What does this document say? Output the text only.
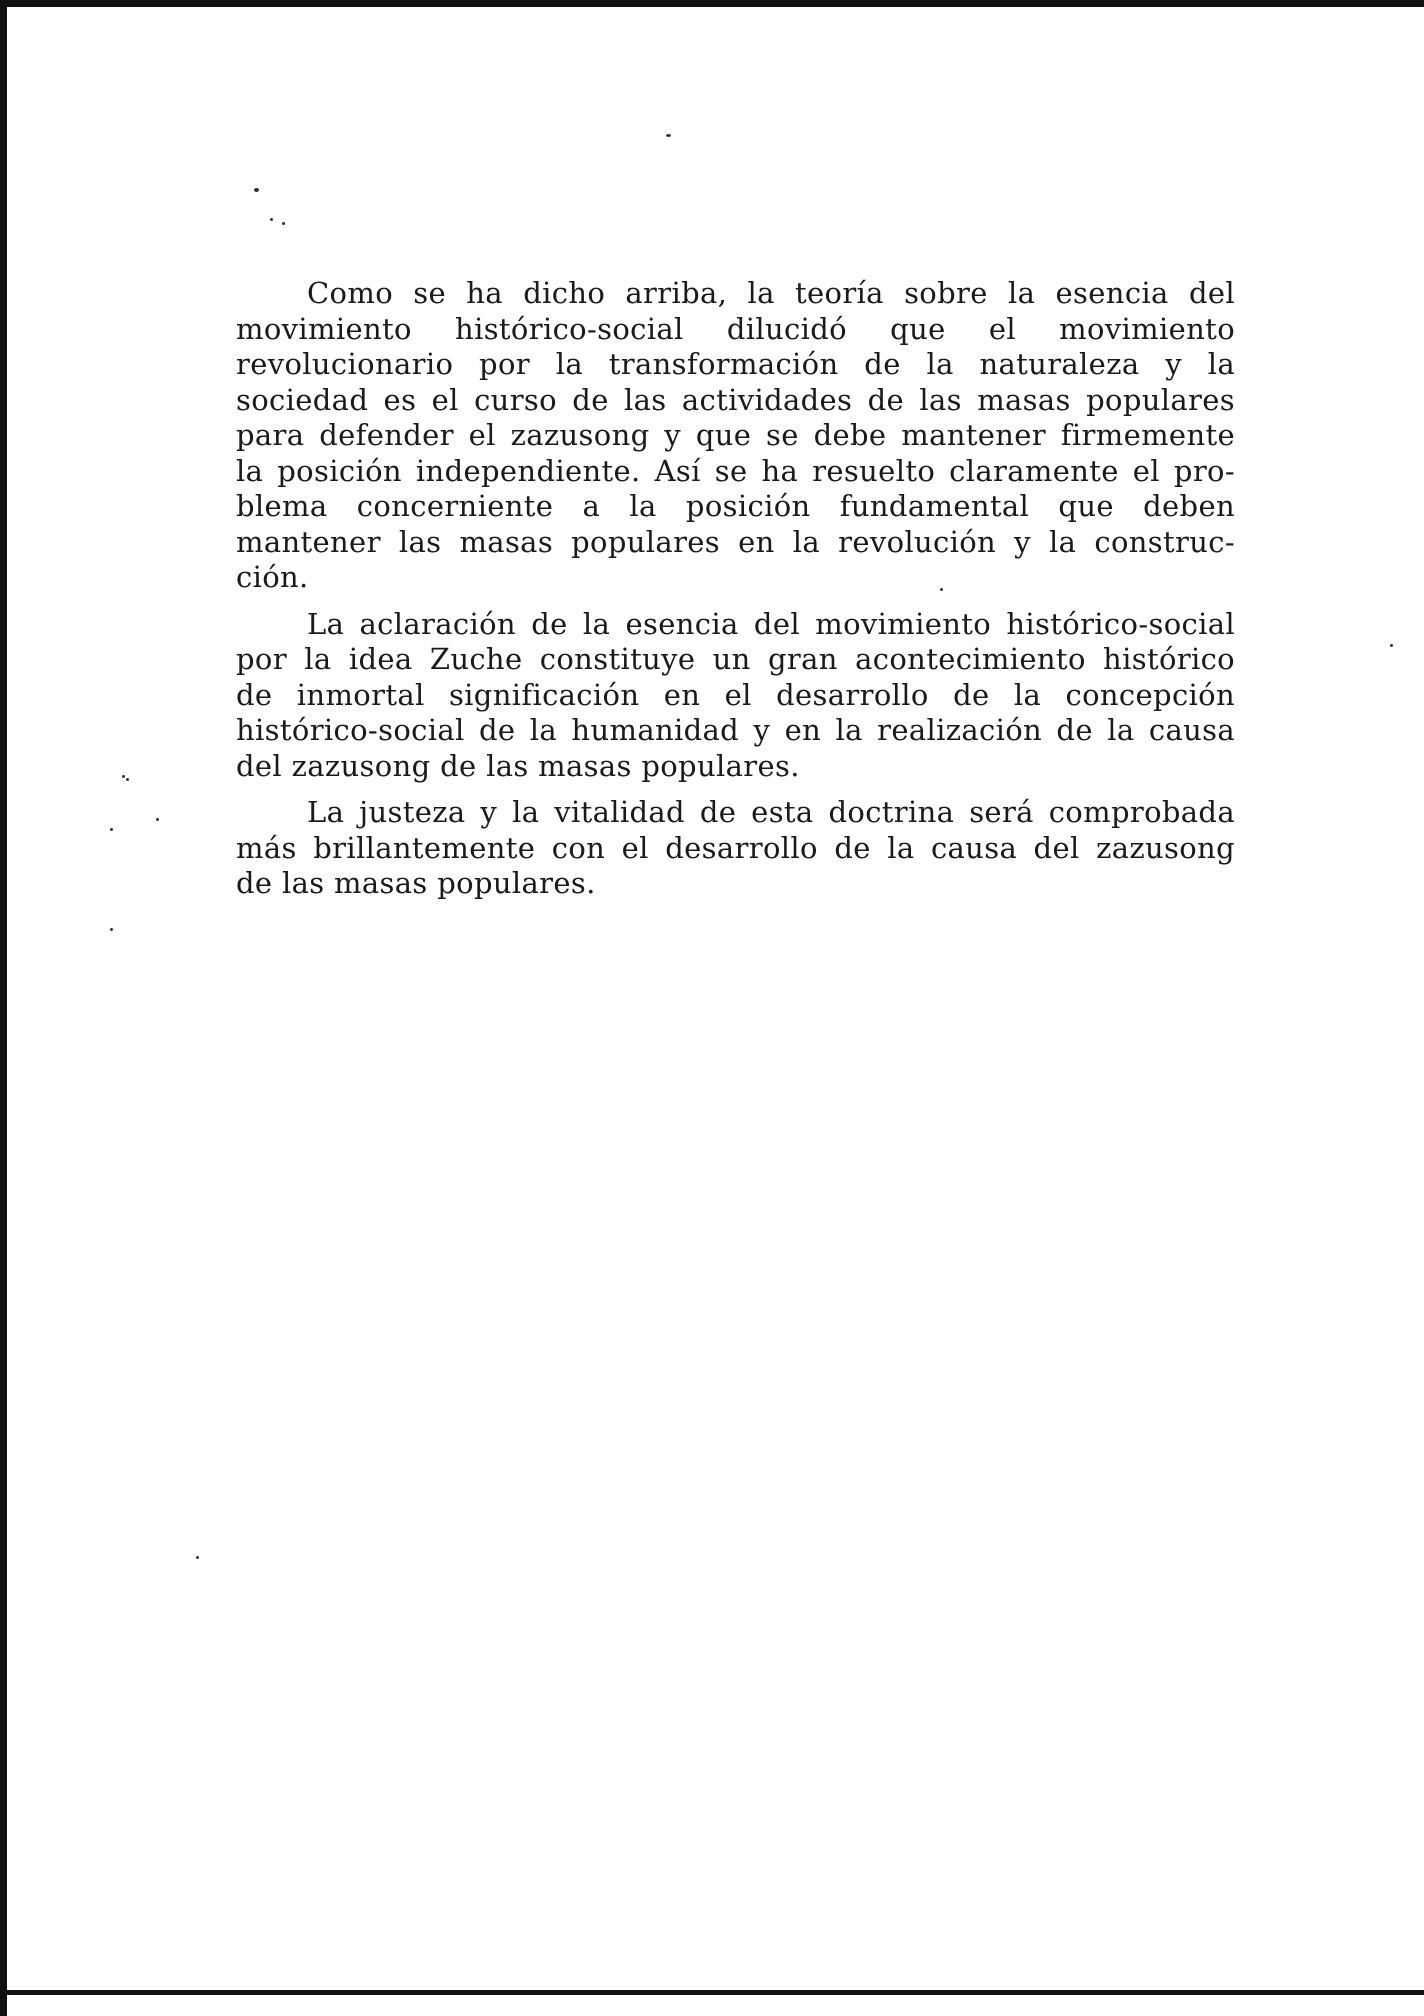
Como se ha dicho arriba, la teoría sobre la esencia del
movimiento histórico-social dilucidó que el movimiento
revolucionario por la transformación de la naturaleza y la
sociedad es el curso de las actividades de las masas populares
para defender el zazusong y que se debe mantener firmemente
la posición independiente. Así se ha resuelto claramente el pro-
blema concerniente a la posición fundamental que deben
mantener las masas populares en la revolución y la construc-
ción.

La aclaración de la esencia del movimiento histórico-social
por la idea Zuche constituye un gran acontecimiento histórico
de inmortal significación en el desarrollo de la concepción
histórico-social de la humanidad y en la realización de la causa
del zazusong de las masas populares.

La justeza y la vitalidad de esta doctrina será comprobada
más brillantemente con el desarrollo de la causa del zazusong
de las masas populares.
